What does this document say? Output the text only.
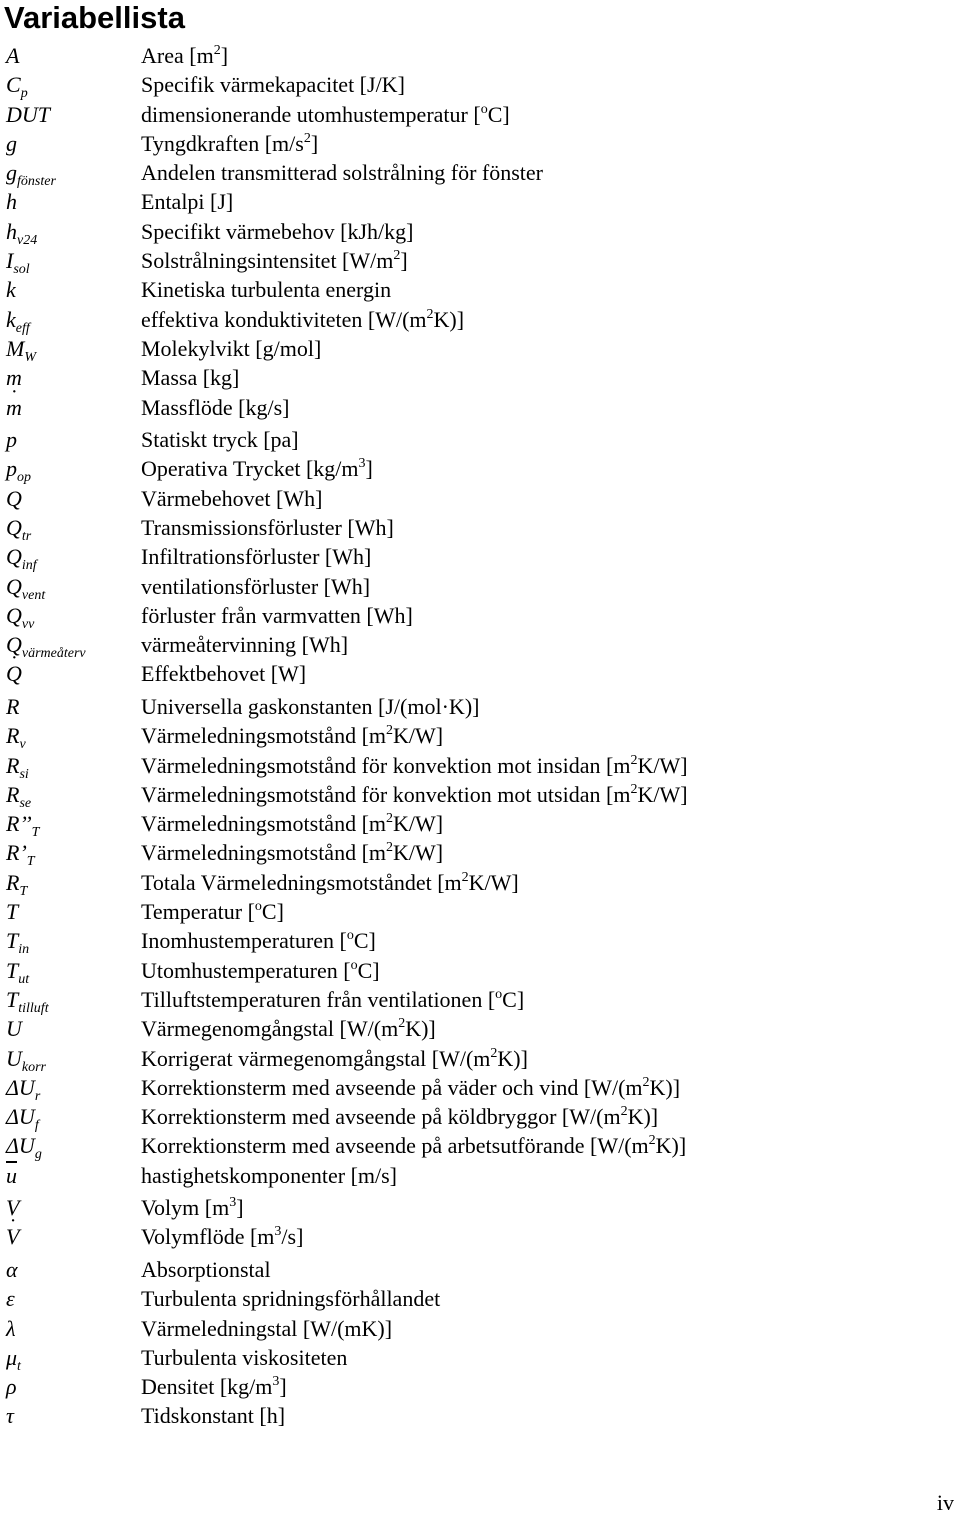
Variabellista
A	Area $[m^2]$
$C_p$	Specifik värmekapacitet [J/K]
DUT	dimensionerande utomhustemperatur [$^o$C]
g	Tyngdkraften $[m/s^2]$
$g_{fönster}$	Andelen transmitterad solstrålning för fönster
h	Entalpi [J]
$h_{v24}$	Specifikt värmebehov [kJh/kg]
$I_{sol}$	Solstrålningsintensitet $[W/m^2]$
k	Kinetiska turbulenta energin
$k_{eff}$	effektiva konduktiviteten $[W/(m^2K)]$
$M_W$	Molekylvikt [g/mol]
m	Massa [kg]
˙ m	Massflöde [kg/s]
p	Statiskt tryck [pa]
$p_{op}$	Operativa Trycket $[kg/m^3]$
Q	Värmebehovet [Wh]
$Q_{tr}$	Transmissionsförluster [Wh]
$Q_{inf}$	Infiltrationsförluster [Wh]
$Q_{vent}$	ventilationsförluster [Wh]
$Q_{vv}$	förluster från varmvatten [Wh]
$Q_{värmeåterv}$	värmeåtervinning [Wh]
˙ Q	Effektbehovet [W]
R	Universella gaskonstanten [J/(mol·K)]
$R_v$	Värmeledningsmotstånd $[m^2K/W]$
$R_{si}$	Värmeledningsmotstånd för konvektion mot insidan $[m^2K/W]$
$R_{se}$	Värmeledningsmotstånd för konvektion mot utsidan $[m^2K/W]$
$R’’_T$	Värmeledningsmotstånd $[m^2K/W]$
$R’_T$	Värmeledningsmotstånd $[m^2K/W]$
$R_T$	Totala Värmeledningsmotståndet $[m^2K/W]$
T	Temperatur [$^o$C]
$T_{in}$	Inomhustemperaturen [$^o$C]
$T_{ut}$	Utomhustemperaturen [$^o$C]
$T_{tilluft}$	Tilluftstemperaturen från ventilationen [$^o$C]
U	Värmegenomgångstal $[W/(m^2K)]$
$U_{korr}$	Korrigerat värmegenomgångstal $[W/(m^2K)]$
$\Delta U_r$	Korrektionsterm med avseende på väder och vind $[W/(m^2K)]$
$\Delta U_f$	Korrektionsterm med avseende på köldbryggor $[W/(m^2K)]$
$\Delta U_g$	Korrektionsterm med avseende på arbetsutförande $[W/(m^2K)]$
$\overline{u}$	hastighetskomponenter [m/s]
V	Volym $[m^3]$
˙ V	Volymflöde $[m^3/s]$
α	Absorptionstal
ε	Turbulenta spridningsförhållandet
λ	Värmeledningstal [W/(mK)]
$\mu_t$	Turbulenta viskositeten
ρ	Densitet $[kg/m^3]$
τ	Tidskonstant [h]
iv
